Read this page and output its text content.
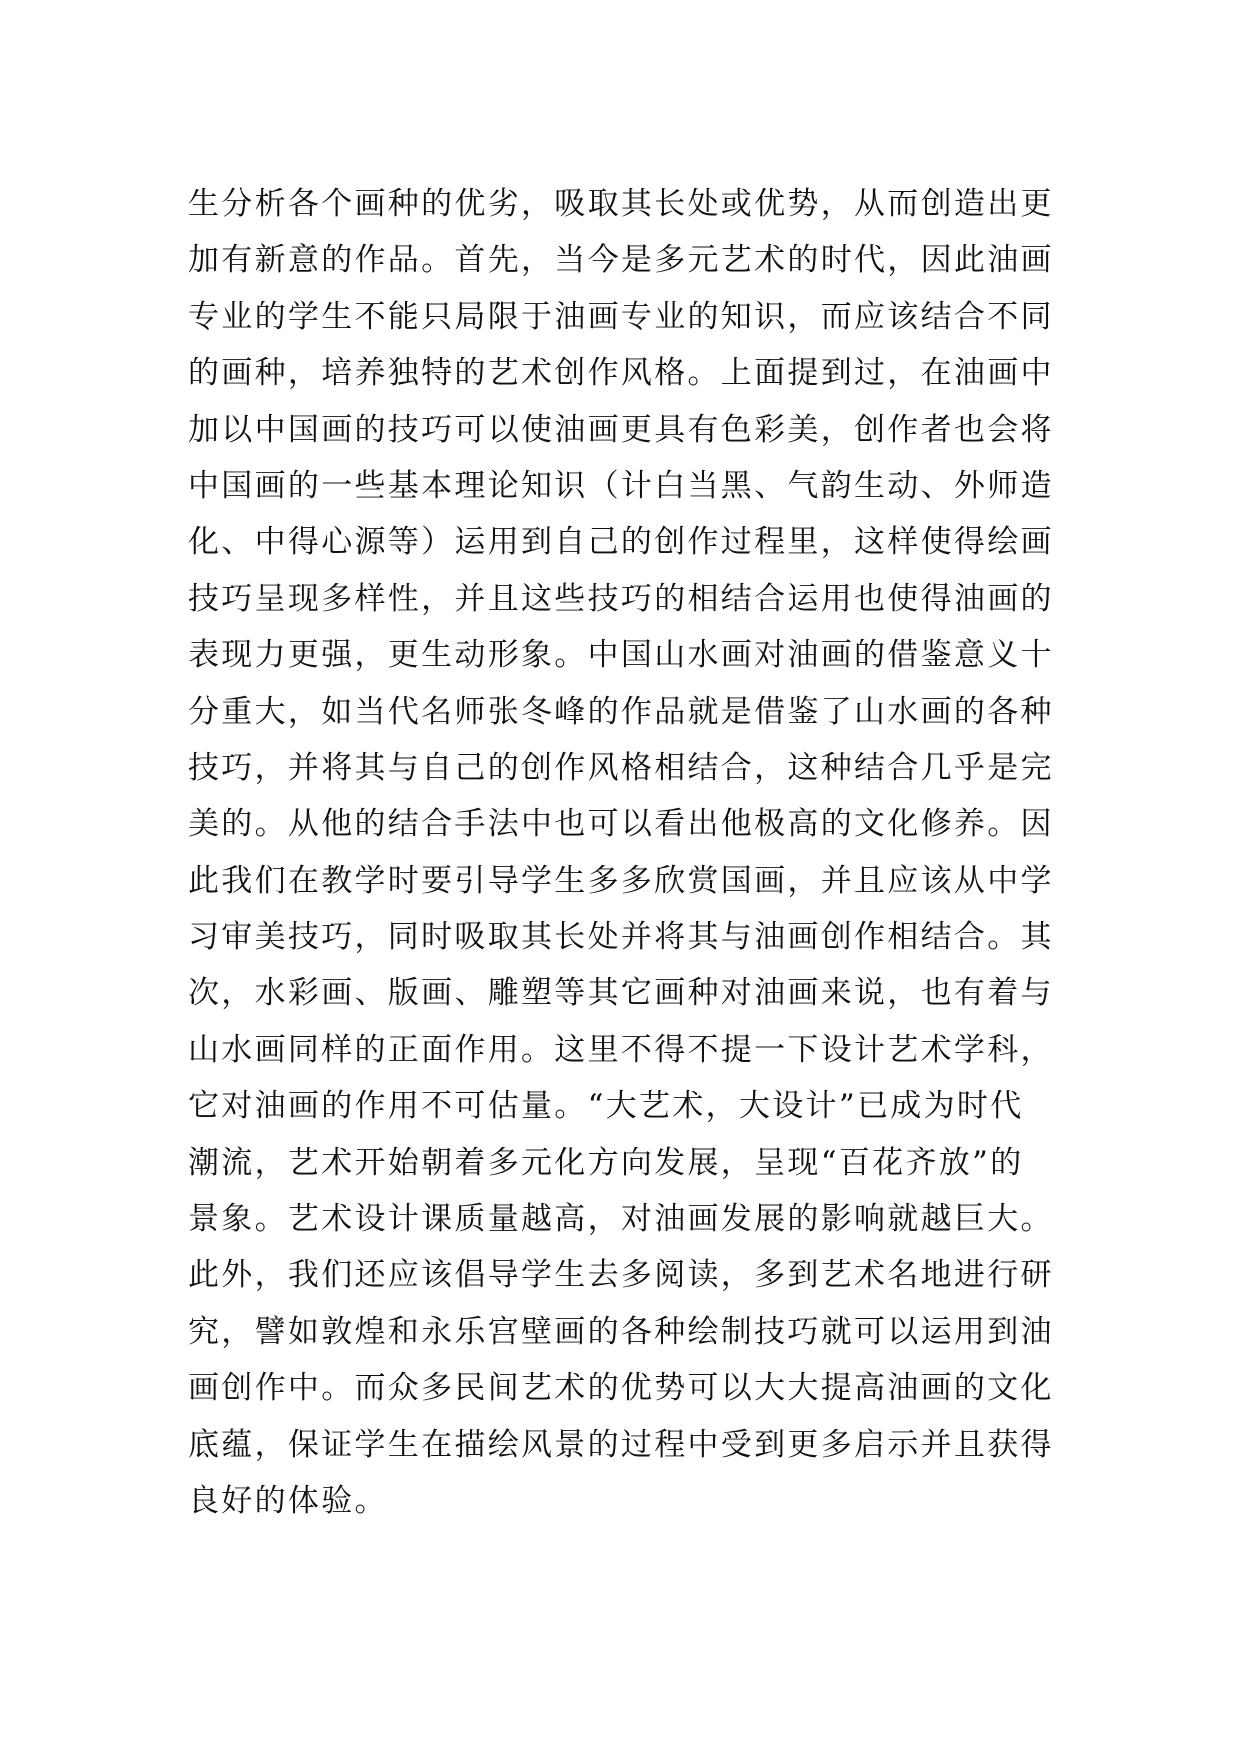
生分析各个画种的优劣，吸取其长处或优势，从而创造出更
加有新意的作品。首先，当今是多元艺术的时代，因此油画
专业的学生不能只局限于油画专业的知识，而应该结合不同
的画种，培养独特的艺术创作风格。上面提到过，在油画中
加以中国画的技巧可以使油画更具有色彩美，创作者也会将
中国画的一些基本理论知识（计白当黑、气韵生动、外师造
化、中得心源等）运用到自己的创作过程里，这样使得绘画
技巧呈现多样性，并且这些技巧的相结合运用也使得油画的
表现力更强，更生动形象。中国山水画对油画的借鉴意义十
分重大，如当代名师张冬峰的作品就是借鉴了山水画的各种
技巧，并将其与自己的创作风格相结合，这种结合几乎是完
美的。从他的结合手法中也可以看出他极高的文化修养。因
此我们在教学时要引导学生多多欣赏国画，并且应该从中学
习审美技巧，同时吸取其长处并将其与油画创作相结合。其
次，水彩画、版画、雕塑等其它画种对油画来说，也有着与
山水画同样的正面作用。这里不得不提一下设计艺术学科，
它对油画的作用不可估量。“大艺术，大设计”已成为时代
潮流，艺术开始朝着多元化方向发展，呈现“百花齐放”的
景象。艺术设计课质量越高，对油画发展的影响就越巨大。
此外，我们还应该倡导学生去多阅读，多到艺术名地进行研
究，譬如敦煌和永乐宫壁画的各种绘制技巧就可以运用到油
画创作中。而众多民间艺术的优势可以大大提高油画的文化
底蕴，保证学生在描绘风景的过程中受到更多启示并且获得
良好的体验。
